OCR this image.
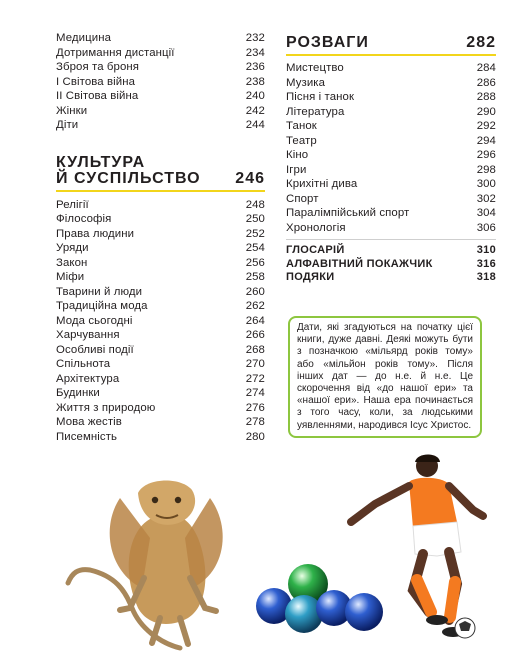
Медицина	232
Дотримання дистанції	234
Зброя та броня	236
І Світова війна	238
ІІ Світова війна	240
Жінки	242
Діти	244
КУЛЬТУРА
Й СУСПІЛЬСТВО 246
Релігії	248
Філософія	250
Права людини	252
Уряди	254
Закон	256
Міфи	258
Тварини й люди	260
Традиційна мода	262
Мода сьогодні	264
Харчування	266
Особливі події	268
Спільнота	270
Архітектура	272
Будинки	274
Життя з природою	276
Мова жестів	278
Писемність	280
РОЗВАГИ	282
Мистецтво	284
Музика	286
Пісня і танок	288
Література	290
Танок	292
Театр	294
Кіно	296
Ігри	298
Крихітні дива	300
Спорт	302
Паралімпійський спорт	304
Хронологія	306
ГЛОСАРІЙ	310
АЛФАВІТНИЙ ПОКАЖЧИК	316
ПОДЯКИ	318
Дати, які згадуються на початку цієї книги, дуже давні. Деякі можуть бути з позначкою «мільярд років тому» або «мільйон років тому». Після інших дат — до н.е. й н.е. Це скорочення від «до нашої ери» та «нашої ери». Наша ера починається з того часу, коли, за людськими уявленнями, народився Ісус Христос.
